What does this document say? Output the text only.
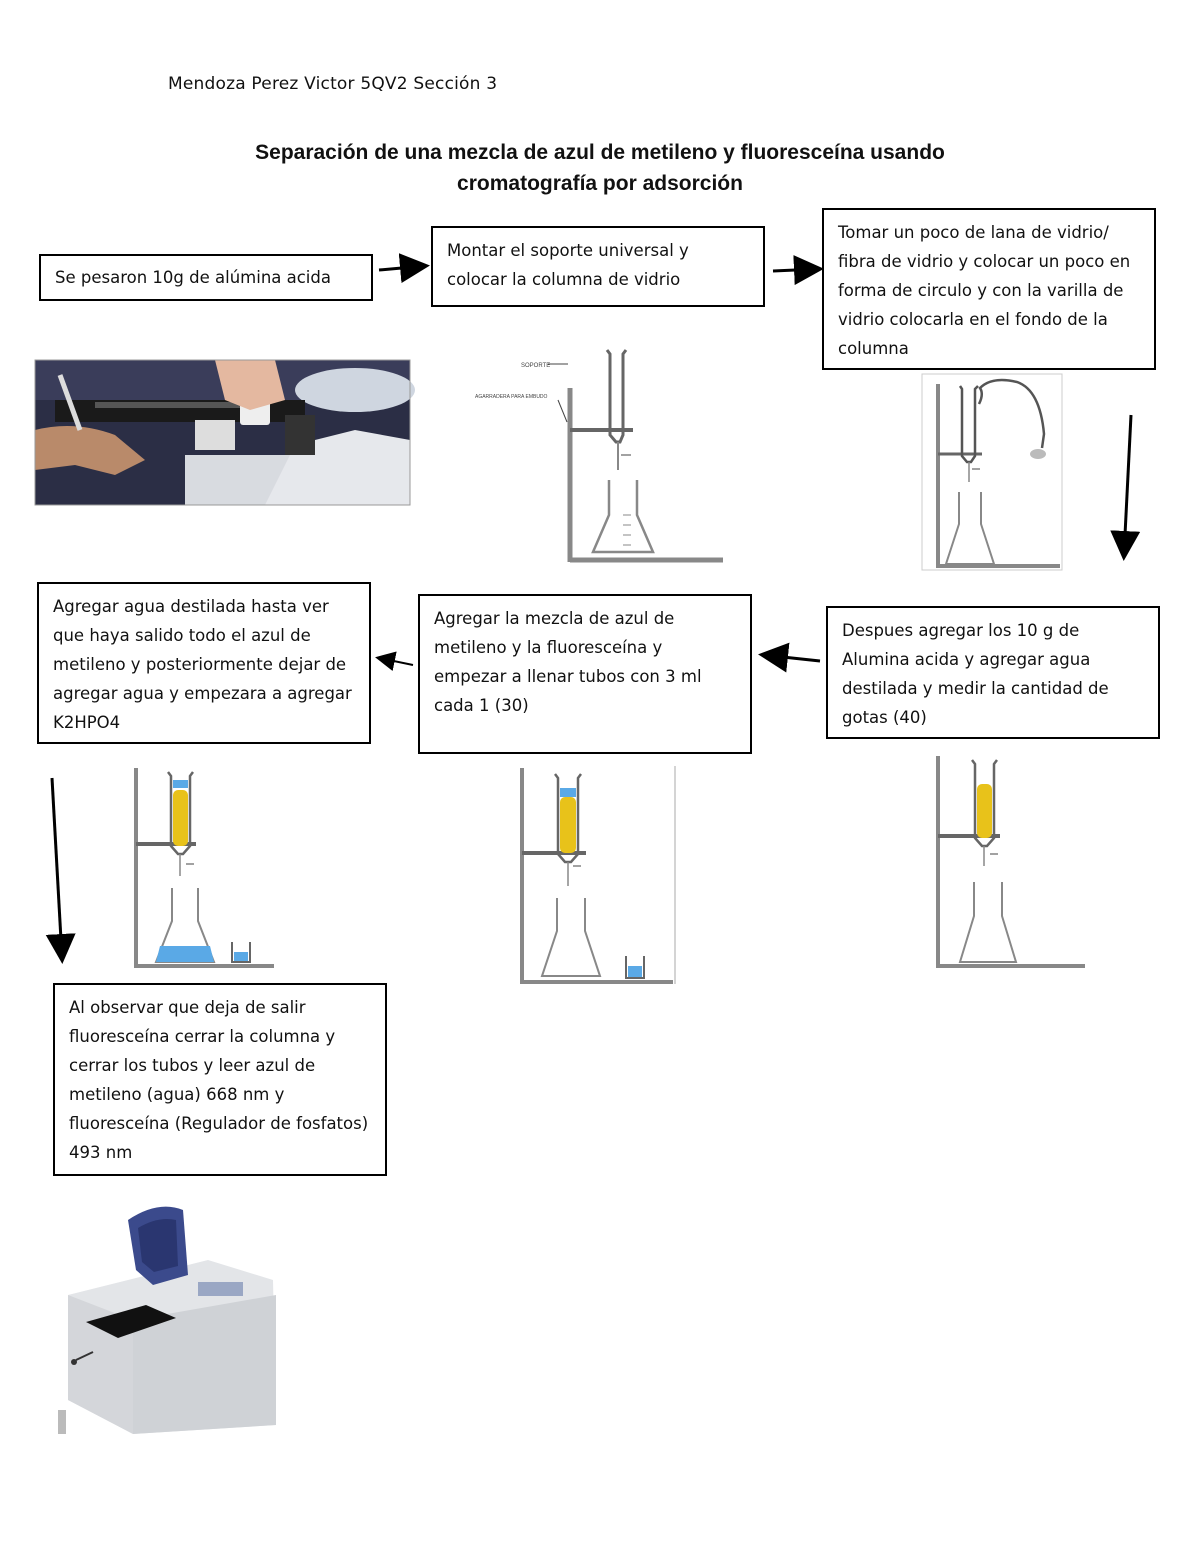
Mendoza Perez Victor 5QV2 Sección 3
Separación de una mezcla de azul de metileno y fluoresceína usando
cromatografía por adsorción
Se pesaron 10g de alúmina acida
Montar el soporte universal y colocar la columna de vidrio
Tomar un poco de lana de vidrio/ fibra de vidrio y colocar un poco en forma de circulo y con la varilla de vidrio colocarla en el fondo de la columna
Despues agregar los 10 g de Alumina acida y agregar agua destilada y medir la cantidad de gotas (40)
Agregar la mezcla de azul de metileno y la fluoresceína y empezar a llenar tubos con 3 ml cada 1 (30)
Agregar agua destilada hasta ver que haya salido todo el azul de metileno y posteriormente dejar de agregar agua y empezara a agregar K2HPO4
Al observar que deja de salir fluoresceína cerrar la columna y cerrar los tubos y leer azul de metileno (agua) 668 nm y fluoresceína (Regulador de fosfatos) 493 nm
SOPORTE
AGARRADERA PARA EMBUDO
